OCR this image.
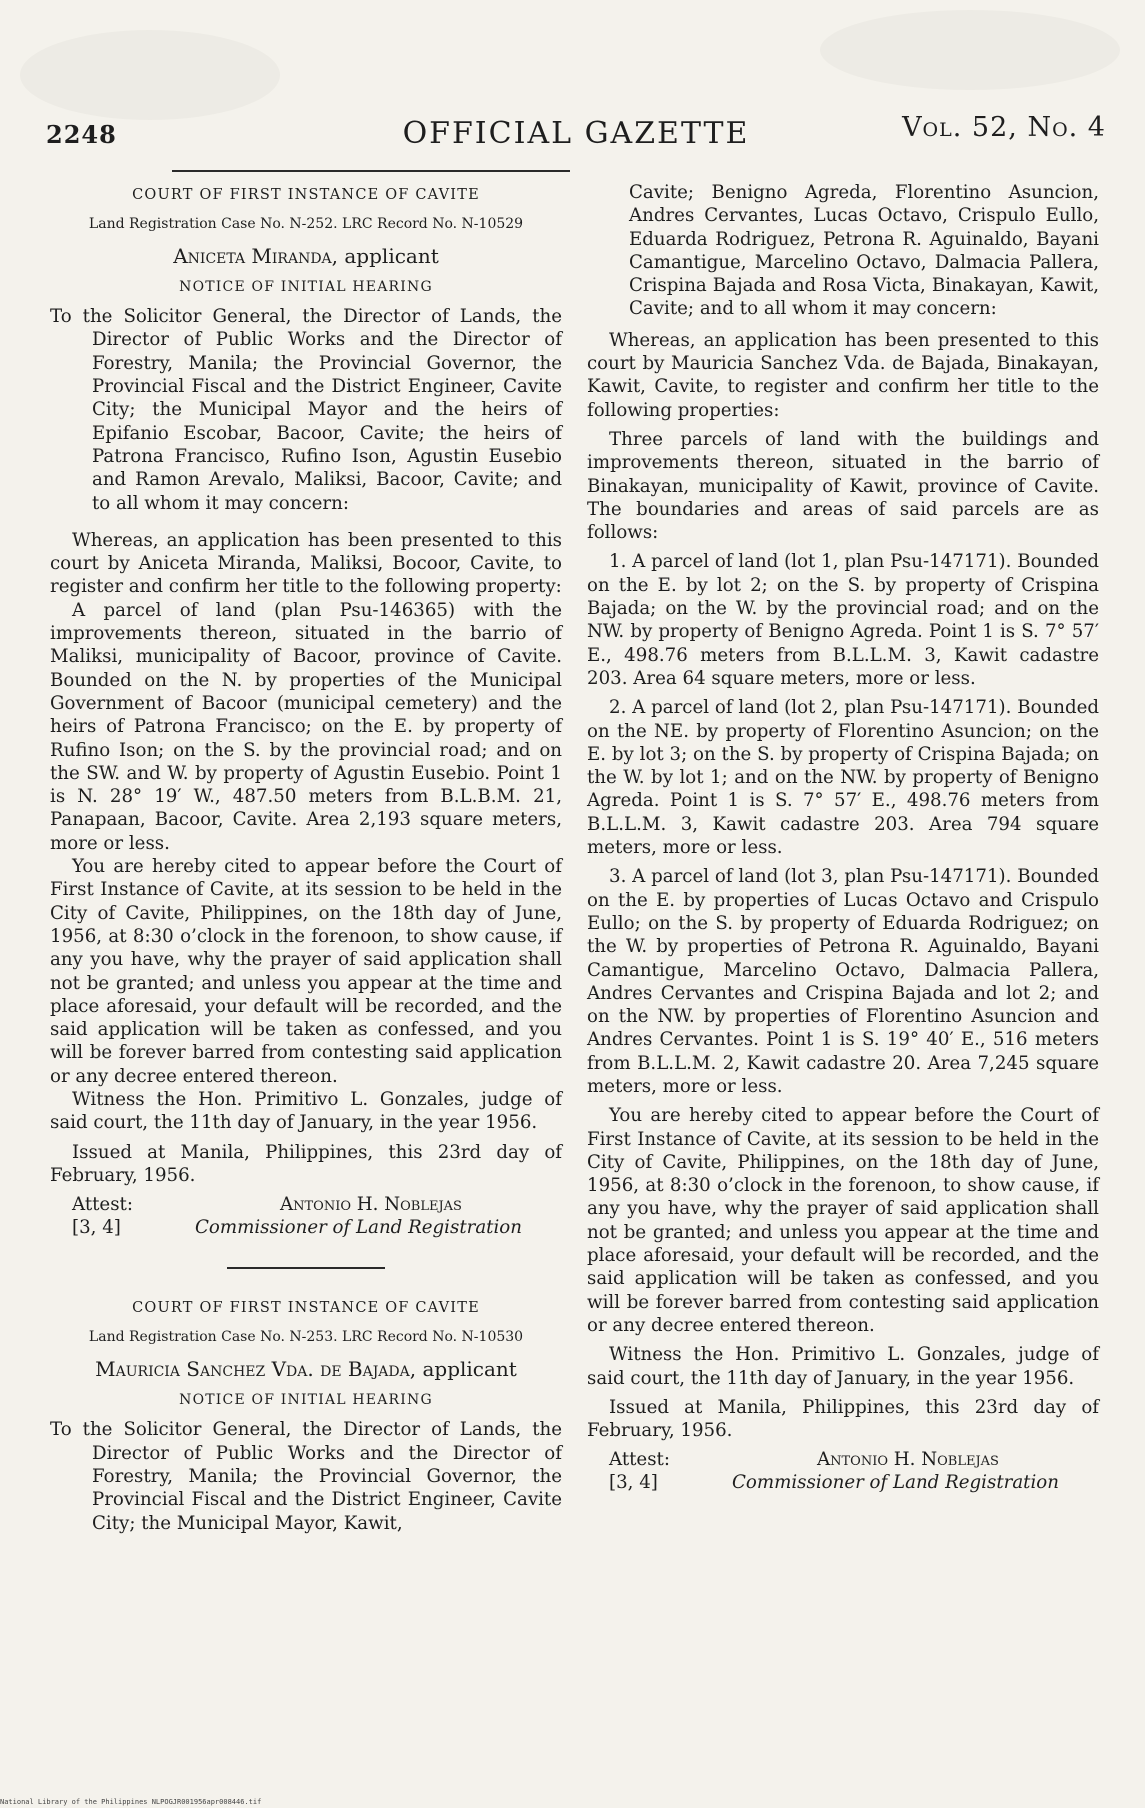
2248	OFFICIAL GAZETTE	Vol. 52, No. 4
COURT OF FIRST INSTANCE OF CAVITE
Land Registration Case No. N-252. LRC Record No. N-10529
Aniceta Miranda, applicant
NOTICE OF INITIAL HEARING

To the Solicitor General, the Director of Lands, the Director of Public Works and the Director of Forestry, Manila; the Provincial Governor, the Provincial Fiscal and the District Engineer, Cavite City; the Municipal Mayor and the heirs of Epifanio Escobar, Bacoor, Cavite; the heirs of Patrona Francisco, Rufino Ison, Agustin Eusebio and Ramon Arevalo, Maliksi, Bacoor, Cavite; and to all whom it may concern:

Whereas, an application has been presented to this court by Aniceta Miranda, Maliksi, Bocoor, Cavite, to register and confirm her title to the following property:

A parcel of land (plan Psu-146365) with the improvements thereon, situated in the barrio of Maliksi, municipality of Bacoor, province of Cavite. Bounded on the N. by properties of the Municipal Government of Bacoor (municipal cemetery) and the heirs of Patrona Francisco; on the E. by property of Rufino Ison; on the S. by the provincial road; and on the SW. and W. by property of Agustin Eusebio. Point 1 is N. 28° 19′ W., 487.50 meters from B.L.B.M. 21, Panapaan, Bacoor, Cavite. Area 2,193 square meters, more or less.

You are hereby cited to appear before the Court of First Instance of Cavite, at its session to be held in the City of Cavite, Philippines, on the 18th day of June, 1956, at 8:30 o’clock in the forenoon, to show cause, if any you have, why the prayer of said application shall not be granted; and unless you appear at the time and place aforesaid, your default will be recorded, and the said application will be taken as confessed, and you will be forever barred from contesting said application or any decree entered thereon.

Witness the Hon. Primitivo L. Gonzales, judge of said court, the 11th day of January, in the year 1956.

Issued at Manila, Philippines, this 23rd day of February, 1956.

Attest:
[3, 4]
Antonio H. Noblejas
Commissioner of Land Registration
COURT OF FIRST INSTANCE OF CAVITE
Land Registration Case No. N-253. LRC Record No. N-10530
Mauricia Sanchez Vda. de Bajada, applicant
NOTICE OF INITIAL HEARING

To the Solicitor General, the Director of Lands, the Director of Public Works and the Director of Forestry, Manila; the Provincial Governor, the Provincial Fiscal and the District Engineer, Cavite City; the Municipal Mayor, Kawit,

Cavite; Benigno Agreda, Florentino Asuncion, Andres Cervantes, Lucas Octavo, Crispulo Eullo, Eduarda Rodriguez, Petrona R. Aguinaldo, Bayani Camantigue, Marcelino Octavo, Dalmacia Pallera, Crispina Bajada and Rosa Victa, Binakayan, Kawit, Cavite; and to all whom it may concern:

Whereas, an application has been presented to this court by Mauricia Sanchez Vda. de Bajada, Binakayan, Kawit, Cavite, to register and confirm her title to the following properties:

Three parcels of land with the buildings and improvements thereon, situated in the barrio of Binakayan, municipality of Kawit, province of Cavite. The boundaries and areas of said parcels are as follows:

1. A parcel of land (lot 1, plan Psu-147171). Bounded on the E. by lot 2; on the S. by property of Crispina Bajada; on the W. by the provincial road; and on the NW. by property of Benigno Agreda. Point 1 is S. 7° 57′ E., 498.76 meters from B.L.L.M. 3, Kawit cadastre 203. Area 64 square meters, more or less.

2. A parcel of land (lot 2, plan Psu-147171). Bounded on the NE. by property of Florentino Asuncion; on the E. by lot 3; on the S. by property of Crispina Bajada; on the W. by lot 1; and on the NW. by property of Benigno Agreda. Point 1 is S. 7° 57′ E., 498.76 meters from B.L.L.M. 3, Kawit cadastre 203. Area 794 square meters, more or less.

3. A parcel of land (lot 3, plan Psu-147171). Bounded on the E. by properties of Lucas Octavo and Crispulo Eullo; on the S. by property of Eduarda Rodriguez; on the W. by properties of Petrona R. Aguinaldo, Bayani Camantigue, Marcelino Octavo, Dalmacia Pallera, Andres Cervantes and Crispina Bajada and lot 2; and on the NW. by properties of Florentino Asuncion and Andres Cervantes. Point 1 is S. 19° 40′ E., 516 meters from B.L.L.M. 2, Kawit cadastre 20. Area 7,245 square meters, more or less.

You are hereby cited to appear before the Court of First Instance of Cavite, at its session to be held in the City of Cavite, Philippines, on the 18th day of June, 1956, at 8:30 o’clock in the forenoon, to show cause, if any you have, why the prayer of said application shall not be granted; and unless you appear at the time and place aforesaid, your default will be recorded, and the said application will be taken as confessed, and you will be forever barred from contesting said application or any decree entered thereon.

Witness the Hon. Primitivo L. Gonzales, judge of said court, the 11th day of January, in the year 1956.

Issued at Manila, Philippines, this 23rd day of February, 1956.

Attest:
[3, 4]
Antonio H. Noblejas
Commissioner of Land Registration
National Library of the Philippines NLPOGJR001956apr008446.tif
